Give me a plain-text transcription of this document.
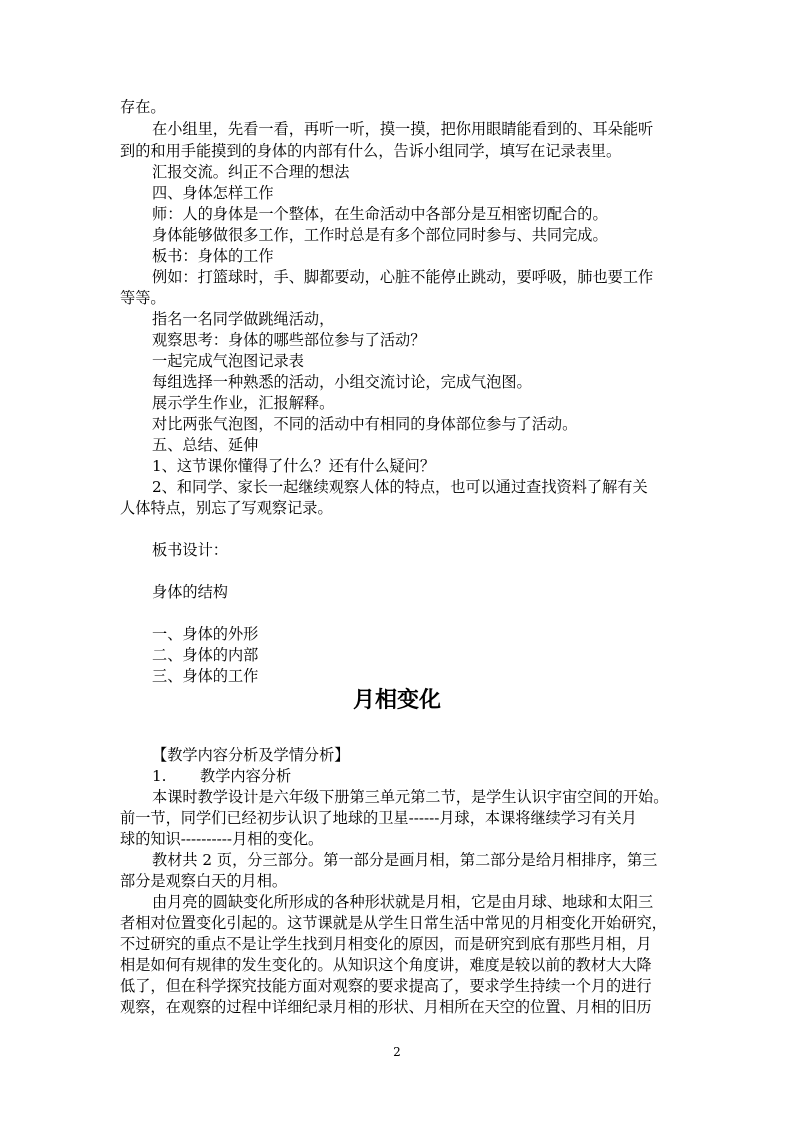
存在。
在小组里，先看一看，再听一听，摸一摸，把你用眼睛能看到的、耳朵能听
到的和用手能摸到的身体的内部有什么，告诉小组同学，填写在记录表里。
汇报交流。纠正不合理的想法
四、身体怎样工作
师：人的身体是一个整体，在生命活动中各部分是互相密切配合的。
身体能够做很多工作，工作时总是有多个部位同时参与、共同完成。
板书：身体的工作
例如：打篮球时，手、脚都要动，心脏不能停止跳动，要呼吸，肺也要工作
等等。
指名一名同学做跳绳活动，
观察思考：身体的哪些部位参与了活动？
一起完成气泡图记录表
每组选择一种熟悉的活动，小组交流讨论，完成气泡图。
展示学生作业，汇报解释。
对比两张气泡图，不同的活动中有相同的身体部位参与了活动。
五、总结、延伸
1、这节课你懂得了什么？还有什么疑问？
2、和同学、家长一起继续观察人体的特点，也可以通过查找资料了解有关
人体特点，别忘了写观察记录。
板书设计：
身体的结构
一、身体的外形
二、身体的内部
三、身体的工作
月相变化
【教学内容分析及学情分析】
1. 教学内容分析
本课时教学设计是六年级下册第三单元第二节，是学生认识宇宙空间的开始。
前一节，同学们已经初步认识了地球的卫星------月球，本课将继续学习有关月
球的知识----------月相的变化。
教材共 2 页，分三部分。第一部分是画月相，第二部分是给月相排序，第三
部分是观察白天的月相。
由月亮的圆缺变化所形成的各种形状就是月相，它是由月球、地球和太阳三
者相对位置变化引起的。这节课就是从学生日常生活中常见的月相变化开始研究，
不过研究的重点不是让学生找到月相变化的原因，而是研究到底有那些月相，月
相是如何有规律的发生变化的。从知识这个角度讲，难度是较以前的教材大大降
低了，但在科学探究技能方面对观察的要求提高了，要求学生持续一个月的进行
观察，在观察的过程中详细纪录月相的形状、月相所在天空的位置、月相的旧历
2
